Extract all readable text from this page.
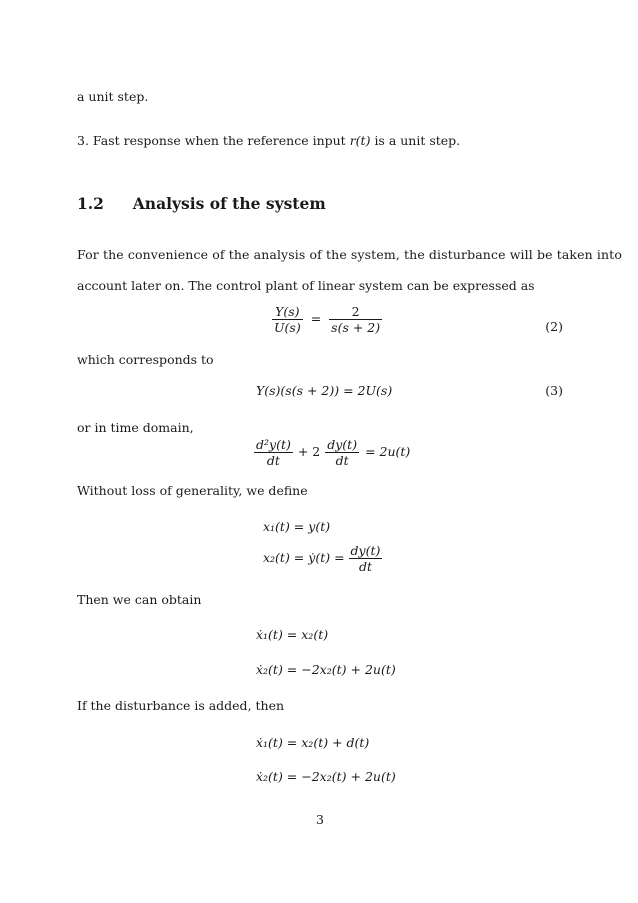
a unit step.
3. Fast response when the reference input r(t) is a unit step.
1.2 Analysis of the system
For the convenience of the analysis of the system, the disturbance will be taken into
account later on. The control plant of linear system can be expressed as
$\frac{Y(s)}{U(s)} = \frac{2}{s(s + 2)}$	(2)
which corresponds to
Y(s)(s(s + 2)) = 2U(s)	(3)
or in time domain,
$\frac{\text{d²y(t)}}{dt} + 2 \frac{dy(t)}{dt} = 2u(t)$
Without loss of generality, we define
x₁(t) = y(t)
x₂(t) = ẏ(t) = $\frac{dy(t)}{dt}$
Then we can obtain
ẋ₁(t) = x₂(t)
ẋ₂(t) = −2x₂(t) + 2u(t)
If the disturbance is added, then
ẋ₁(t) = x₂(t) + d(t)
ẋ₂(t) = −2x₂(t) + 2u(t)
3
